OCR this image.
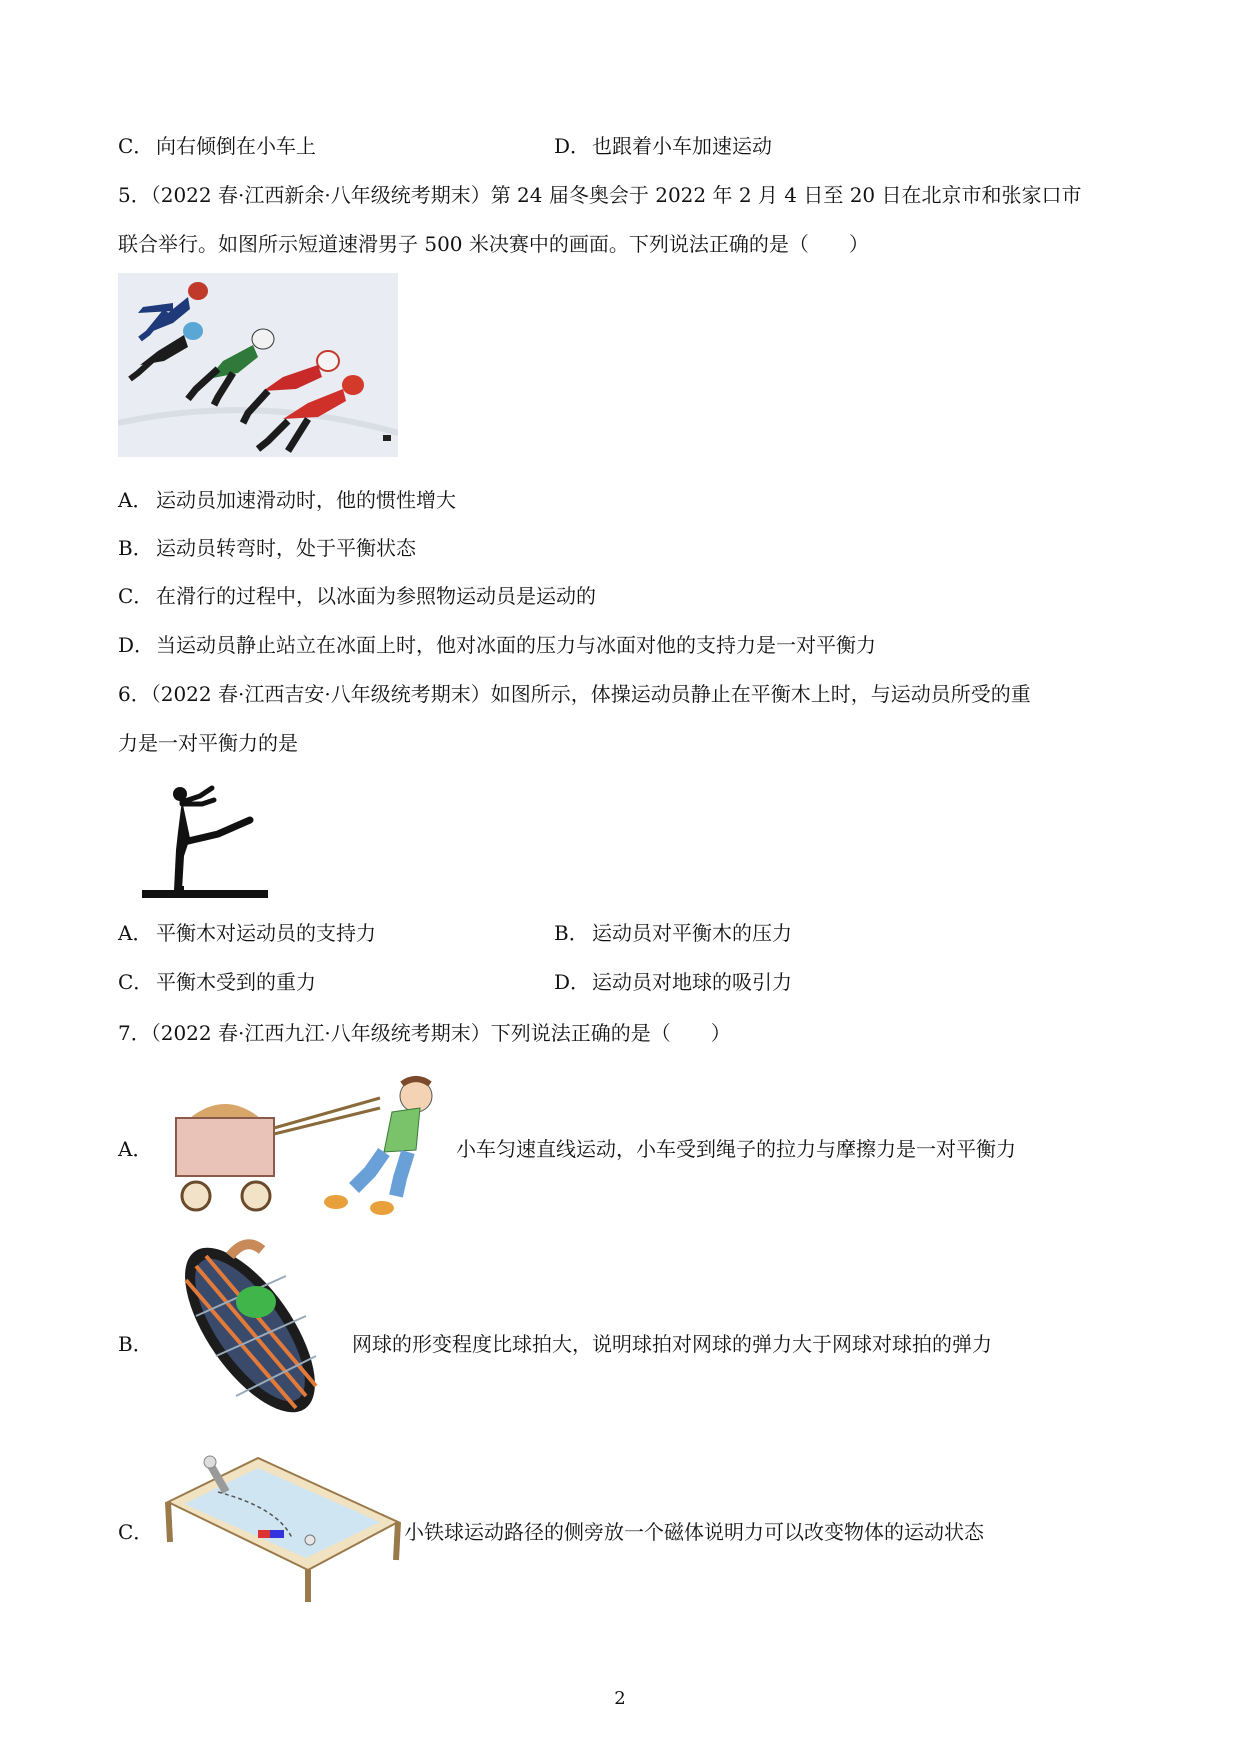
C． 向右倾倒在小车上	D．也跟着小车加速运动
5．（2022 春·江西新余·八年级统考期末）第 24 届冬奥会于 2022 年 2 月 4 日至 20 日在北京市和张家口市
联合举行。如图所示短道速滑男子 500 米决赛中的画面。下列说法正确的是（　　）
A． 运动员加速滑动时，他的惯性增大
B． 运动员转弯时，处于平衡状态
C． 在滑行的过程中，以冰面为参照物运动员是运动的
D．当运动员静止站立在冰面上时，他对冰面的压力与冰面对他的支持力是一对平衡力
6．（2022 春·江西吉安·八年级统考期末）如图所示，体操运动员静止在平衡木上时，与运动员所受的重
力是一对平衡力的是
A． 平衡木对运动员的支持力	B． 运动员对平衡木的压力
C． 平衡木受到的重力	D．运动员对地球的吸引力
7．（2022 春·江西九江·八年级统考期末）下列说法正确的是（　　）
A．	小车匀速直线运动，小车受到绳子的拉力与摩擦力是一对平衡力
B．	网球的形变程度比球拍大，说明球拍对网球的弹力大于网球对球拍的弹力
C．	小铁球运动路径的侧旁放一个磁体说明力可以改变物体的运动状态
2
